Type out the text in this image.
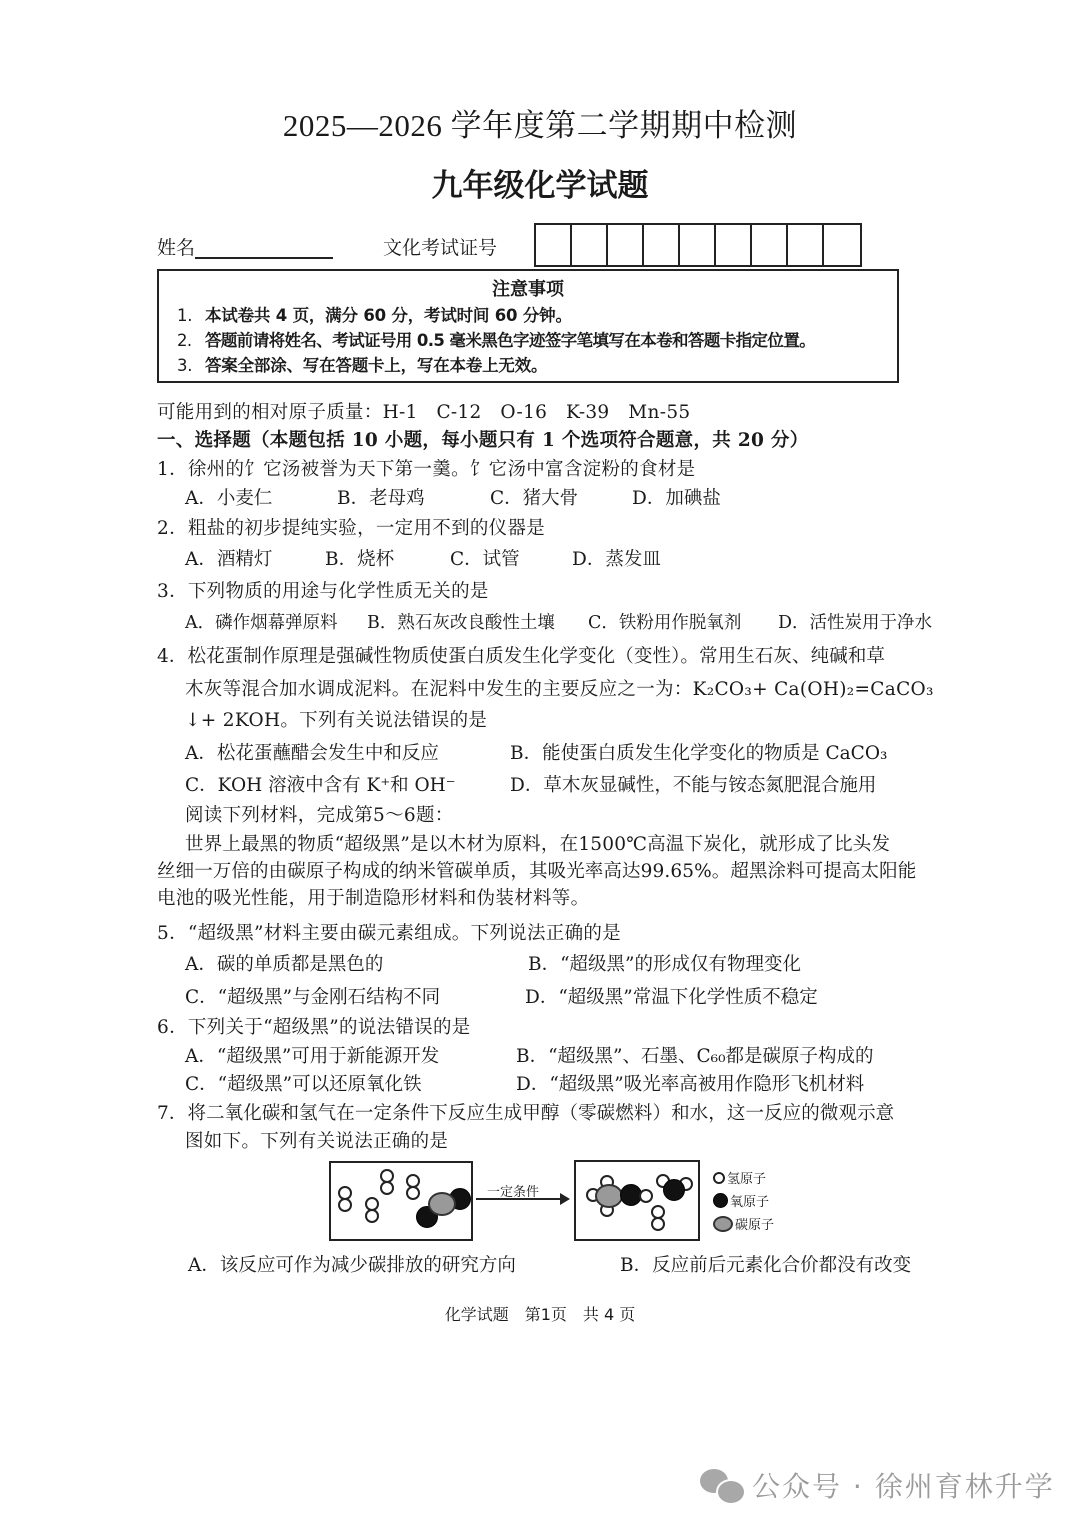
2025—2026 学年度第二学期期中检测
九年级化学试题
姓名	文化考试证号
注意事项
1. 本试卷共 4 页，满分 60 分，考试时间 60 分钟。
2. 答题前请将姓名、考试证号用 0.5 毫米黑色字迹签字笔填写在本卷和答题卡指定位置。
3. 答案全部涂、写在答题卡上，写在本卷上无效。
可能用到的相对原子质量：H-1　C-12　O-16　K-39　Mn-55
一、选择题（本题包括 10 小题，每小题只有 1 个选项符合题意，共 20 分）
1．徐州的饣它汤被誉为天下第一羹。饣它汤中富含淀粉的食材是
A．小麦仁	B．老母鸡	C．猪大骨	D．加碘盐
2．粗盐的初步提纯实验，一定用不到的仪器是
A．酒精灯	B．烧杯	C．试管	D．蒸发皿
3．下列物质的用途与化学性质无关的是
A．磷作烟幕弹原料 B．熟石灰改良酸性土壤 C．铁粉用作脱氧剂 D．活性炭用于净水
4．松花蛋制作原理是强碱性物质使蛋白质发生化学变化（变性）。常用生石灰、纯碱和草
木灰等混合加水调成泥料。在泥料中发生的主要反应之一为：K₂CO₃+ Ca(OH)₂=CaCO₃
↓+ 2KOH。下列有关说法错误的是
A．松花蛋蘸醋会发生中和反应	B．能使蛋白质发生化学变化的物质是 CaCO₃
C．KOH 溶液中含有 K⁺和 OH⁻	D．草木灰显碱性，不能与铵态氮肥混合施用
阅读下列材料，完成第5～6题：
世界上最黑的物质“超级黑”是以木材为原料，在1500℃高温下炭化，就形成了比头发
丝细一万倍的由碳原子构成的纳米管碳单质，其吸光率高达99.65%。超黑涂料可提高太阳能
电池的吸光性能，用于制造隐形材料和伪装材料等。
5．“超级黑”材料主要由碳元素组成。下列说法正确的是
A．碳的单质都是黑色的	B．“超级黑”的形成仅有物理变化
C．“超级黑”与金刚石结构不同	D．“超级黑”常温下化学性质不稳定
6．下列关于“超级黑”的说法错误的是
A．“超级黑”可用于新能源开发	B．“超级黑”、石墨、C₆₀都是碳原子构成的
C．“超级黑”可以还原氧化铁	D．“超级黑”吸光率高被用作隐形飞机材料
7．将二氧化碳和氢气在一定条件下反应生成甲醇（零碳燃料）和水，这一反应的微观示意
图如下。下列有关说法正确的是
一定条件
氢原子
氧原子
碳原子
A．该反应可作为减少碳排放的研究方向	B．反应前后元素化合价都没有改变
化学试题　第1页　共 4 页
公众号 · 徐州育林升学
